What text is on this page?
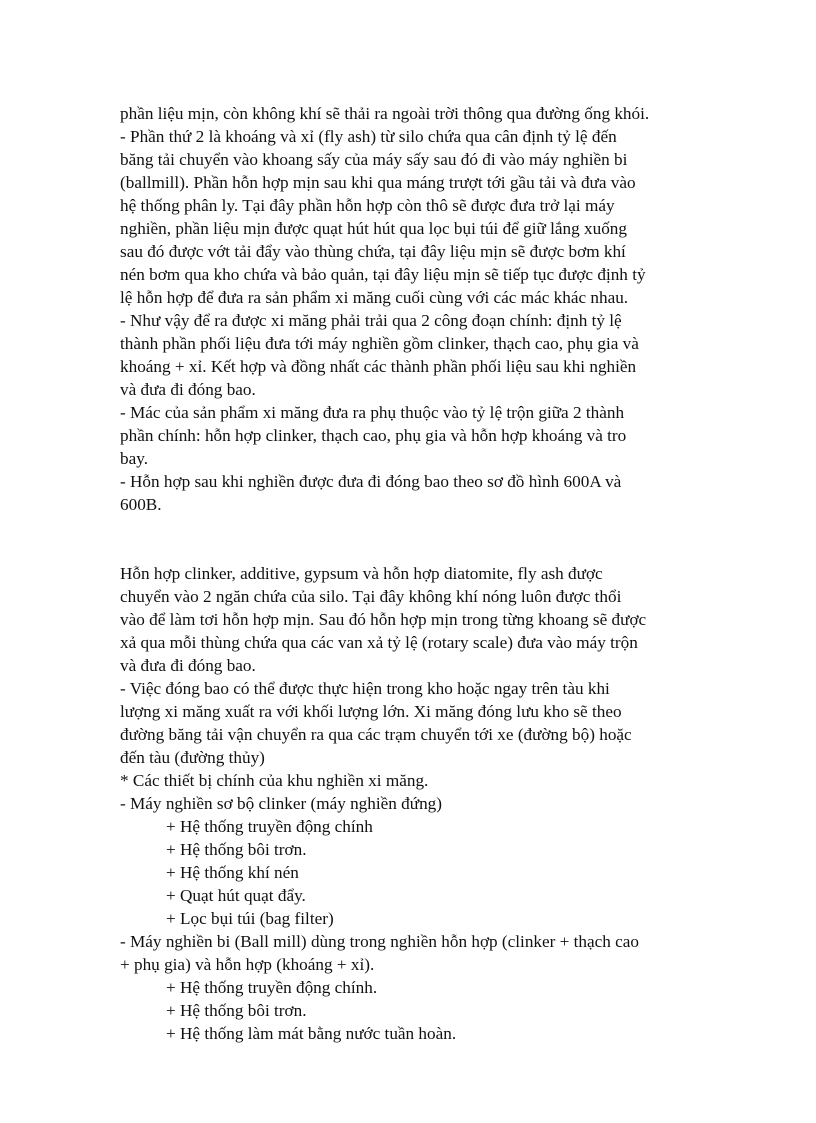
phần liệu mịn, còn không khí sẽ thải ra ngoài trời thông qua đường ống khói.
- Phần thứ 2 là khoáng và xỉ (fly ash) từ silo chứa qua cân định tỷ lệ đến
băng tải chuyển vào khoang sấy của máy sấy sau đó đi vào máy nghiền bi
(ballmill). Phần hỗn hợp mịn sau khi qua máng trượt tới gầu tải và đưa vào
hệ thống phân ly. Tại đây phần hỗn hợp còn thô sẽ được đưa trở lại máy
nghiền, phần liệu mịn được quạt hút hút qua lọc bụi túi để giữ lắng xuống
sau đó được vớt tải đẩy vào thùng chứa, tại đây liệu mịn sẽ được bơm khí
nén bơm qua kho chứa và bảo quản, tại đây liệu mịn sẽ tiếp tục được định tỷ
lệ hỗn hợp để đưa ra sản phẩm xi măng cuối cùng với các mác khác nhau.
- Như vậy để ra được xi măng phải trải qua 2 công đoạn chính: định tỷ lệ
thành phần phối liệu đưa tới máy nghiền gồm clinker, thạch cao, phụ gia và
khoáng + xỉ. Kết hợp và đồng nhất các thành phần phối liệu sau khi nghiền
và đưa đi đóng bao.
- Mác của sản phẩm xi măng đưa ra phụ thuộc vào tỷ lệ trộn giữa 2 thành
phần chính: hỗn hợp clinker, thạch cao, phụ gia và hỗn hợp khoáng và tro
bay.
- Hỗn hợp sau khi nghiền được đưa đi đóng bao theo sơ đồ hình 600A và
600B.
Hỗn hợp clinker, additive, gypsum và hỗn hợp diatomite, fly ash được
chuyển vào 2 ngăn chứa của silo. Tại đây không khí nóng luôn được thổi
vào để làm tơi hỗn hợp mịn. Sau đó hỗn hợp mịn trong từng khoang sẽ được
xả qua mỗi thùng chứa qua các van xả tỷ lệ (rotary scale) đưa vào máy trộn
và đưa đi đóng bao.
- Việc đóng bao có thể được thực hiện trong kho hoặc ngay trên tàu khi
lượng xi măng xuất ra với khối lượng lớn. Xi măng đóng lưu kho sẽ theo
đường băng tải vận chuyển ra qua các trạm chuyển tới xe (đường bộ) hoặc
đến tàu (đường thủy)
* Các thiết bị chính của khu nghiền xi măng.
- Máy nghiền sơ bộ clinker (máy nghiền đứng)
+ Hệ thống truyền động chính
+ Hệ thống bôi trơn.
+ Hệ thống khí nén
+ Quạt hút quạt đẩy.
+ Lọc bụi túi (bag filter)
- Máy nghiền bi (Ball mill) dùng trong nghiền hỗn hợp (clinker + thạch cao
+ phụ gia) và hỗn hợp (khoáng + xỉ).
+ Hệ thống truyền động chính.
+ Hệ thống bôi trơn.
+ Hệ thống làm mát bằng nước tuần hoàn.
